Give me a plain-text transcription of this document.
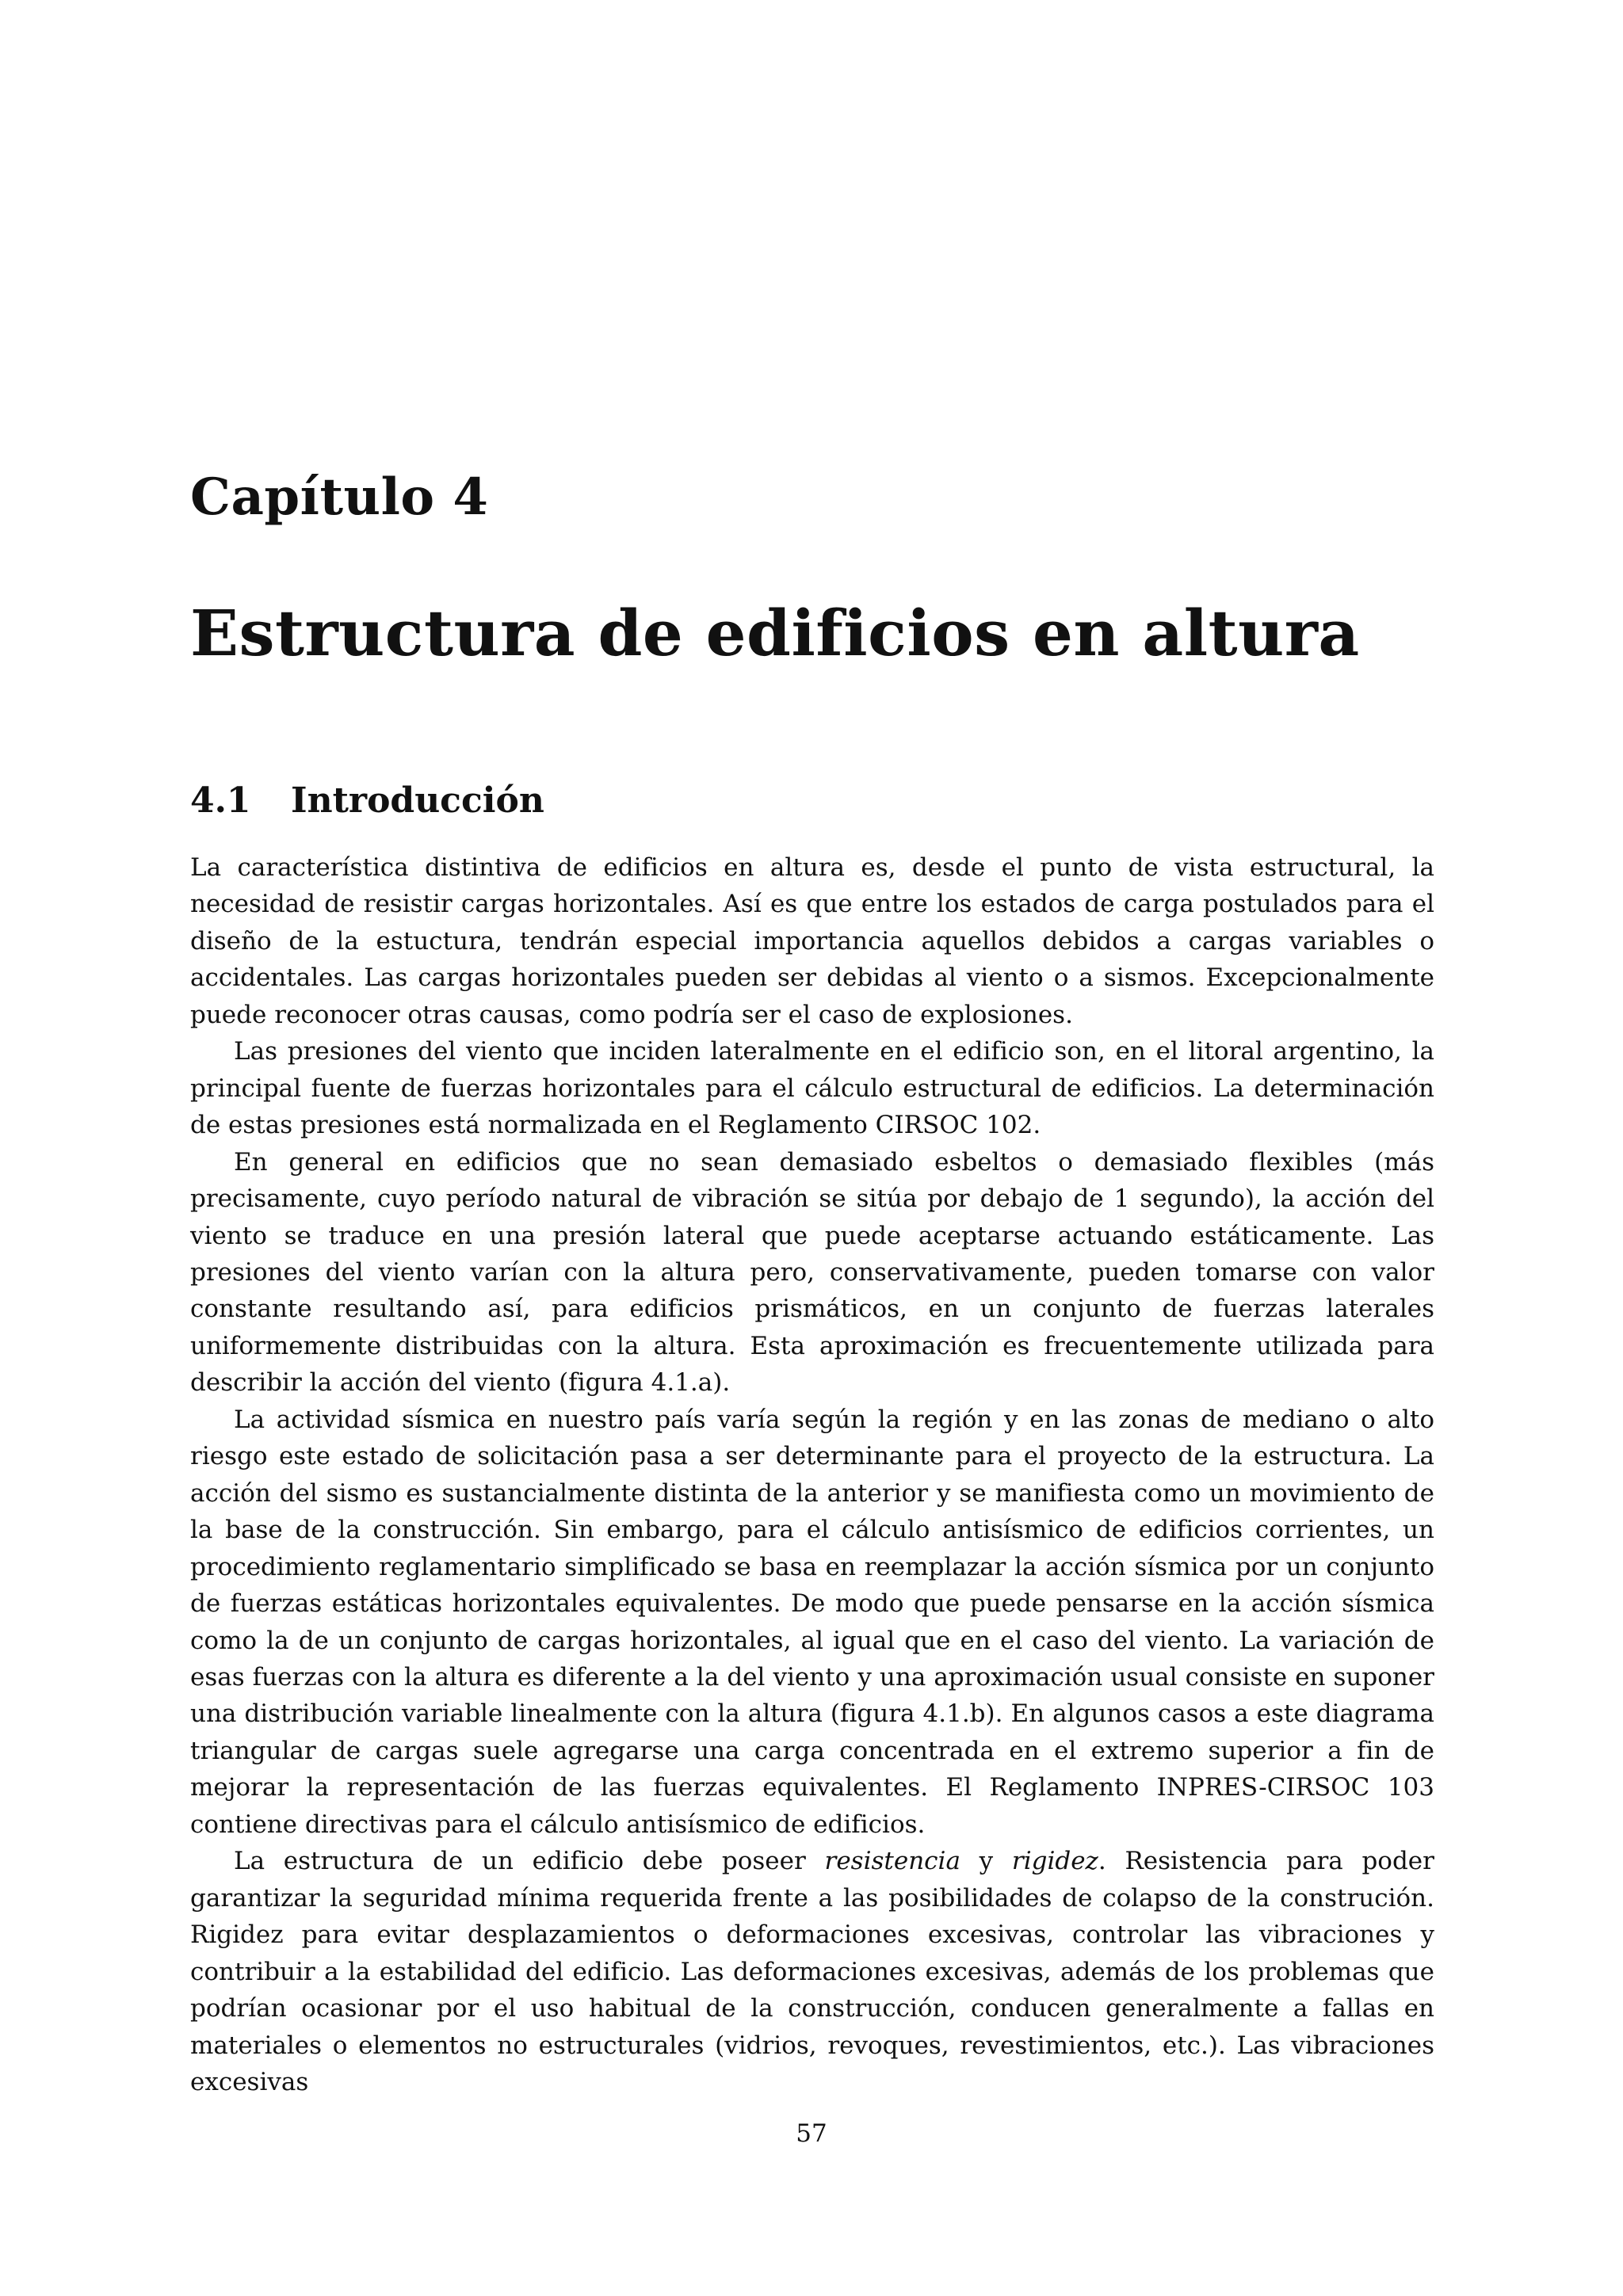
Capítulo 4
Estructura de edificios en altura
4.1 Introducción

La característica distintiva de edificios en altura es, desde el punto de vista estructural, la necesidad de resistir cargas horizontales. Así es que entre los estados de carga postulados para el diseño de la estuctura, tendrán especial importancia aquellos debidos a cargas variables o accidentales. Las cargas horizontales pueden ser debidas al viento o a sismos. Excepcionalmente puede reconocer otras causas, como podría ser el caso de explosiones.

Las presiones del viento que inciden lateralmente en el edificio son, en el litoral argentino, la principal fuente de fuerzas horizontales para el cálculo estructural de edificios. La determinación de estas presiones está normalizada en el Reglamento CIRSOC 102.

En general en edificios que no sean demasiado esbeltos o demasiado flexibles (más precisamente, cuyo período natural de vibración se sitúa por debajo de 1 segundo), la acción del viento se traduce en una presión lateral que puede aceptarse actuando estáticamente. Las presiones del viento varían con la altura pero, conservativamente, pueden tomarse con valor constante resultando así, para edificios prismáticos, en un conjunto de fuerzas laterales uniformemente distribuidas con la altura. Esta aproximación es frecuentemente utilizada para describir la acción del viento (figura 4.1.a).

La actividad sísmica en nuestro país varía según la región y en las zonas de mediano o alto riesgo este estado de solicitación pasa a ser determinante para el proyecto de la estructura. La acción del sismo es sustancialmente distinta de la anterior y se manifiesta como un movimiento de la base de la construcción. Sin embargo, para el cálculo antisísmico de edificios corrientes, un procedimiento reglamentario simplificado se basa en reemplazar la acción sísmica por un conjunto de fuerzas estáticas horizontales equivalentes. De modo que puede pensarse en la acción sísmica como la de un conjunto de cargas horizontales, al igual que en el caso del viento. La variación de esas fuerzas con la altura es diferente a la del viento y una aproximación usual consiste en suponer una distribución variable linealmente con la altura (figura 4.1.b). En algunos casos a este diagrama triangular de cargas suele agregarse una carga concentrada en el extremo superior a fin de mejorar la representación de las fuerzas equivalentes. El Reglamento INPRES-CIRSOC 103 contiene directivas para el cálculo antisísmico de edificios.

La estructura de un edificio debe poseer resistencia y rigidez. Resistencia para poder garantizar la seguridad mínima requerida frente a las posibilidades de colapso de la construción. Rigidez para evitar desplazamientos o deformaciones excesivas, controlar las vibraciones y contribuir a la estabilidad del edificio. Las deformaciones excesivas, además de los problemas que podrían ocasionar por el uso habitual de la construcción, conducen generalmente a fallas en materiales o elementos no estructurales (vidrios, revoques, revestimientos, etc.). Las vibraciones excesivas

57
